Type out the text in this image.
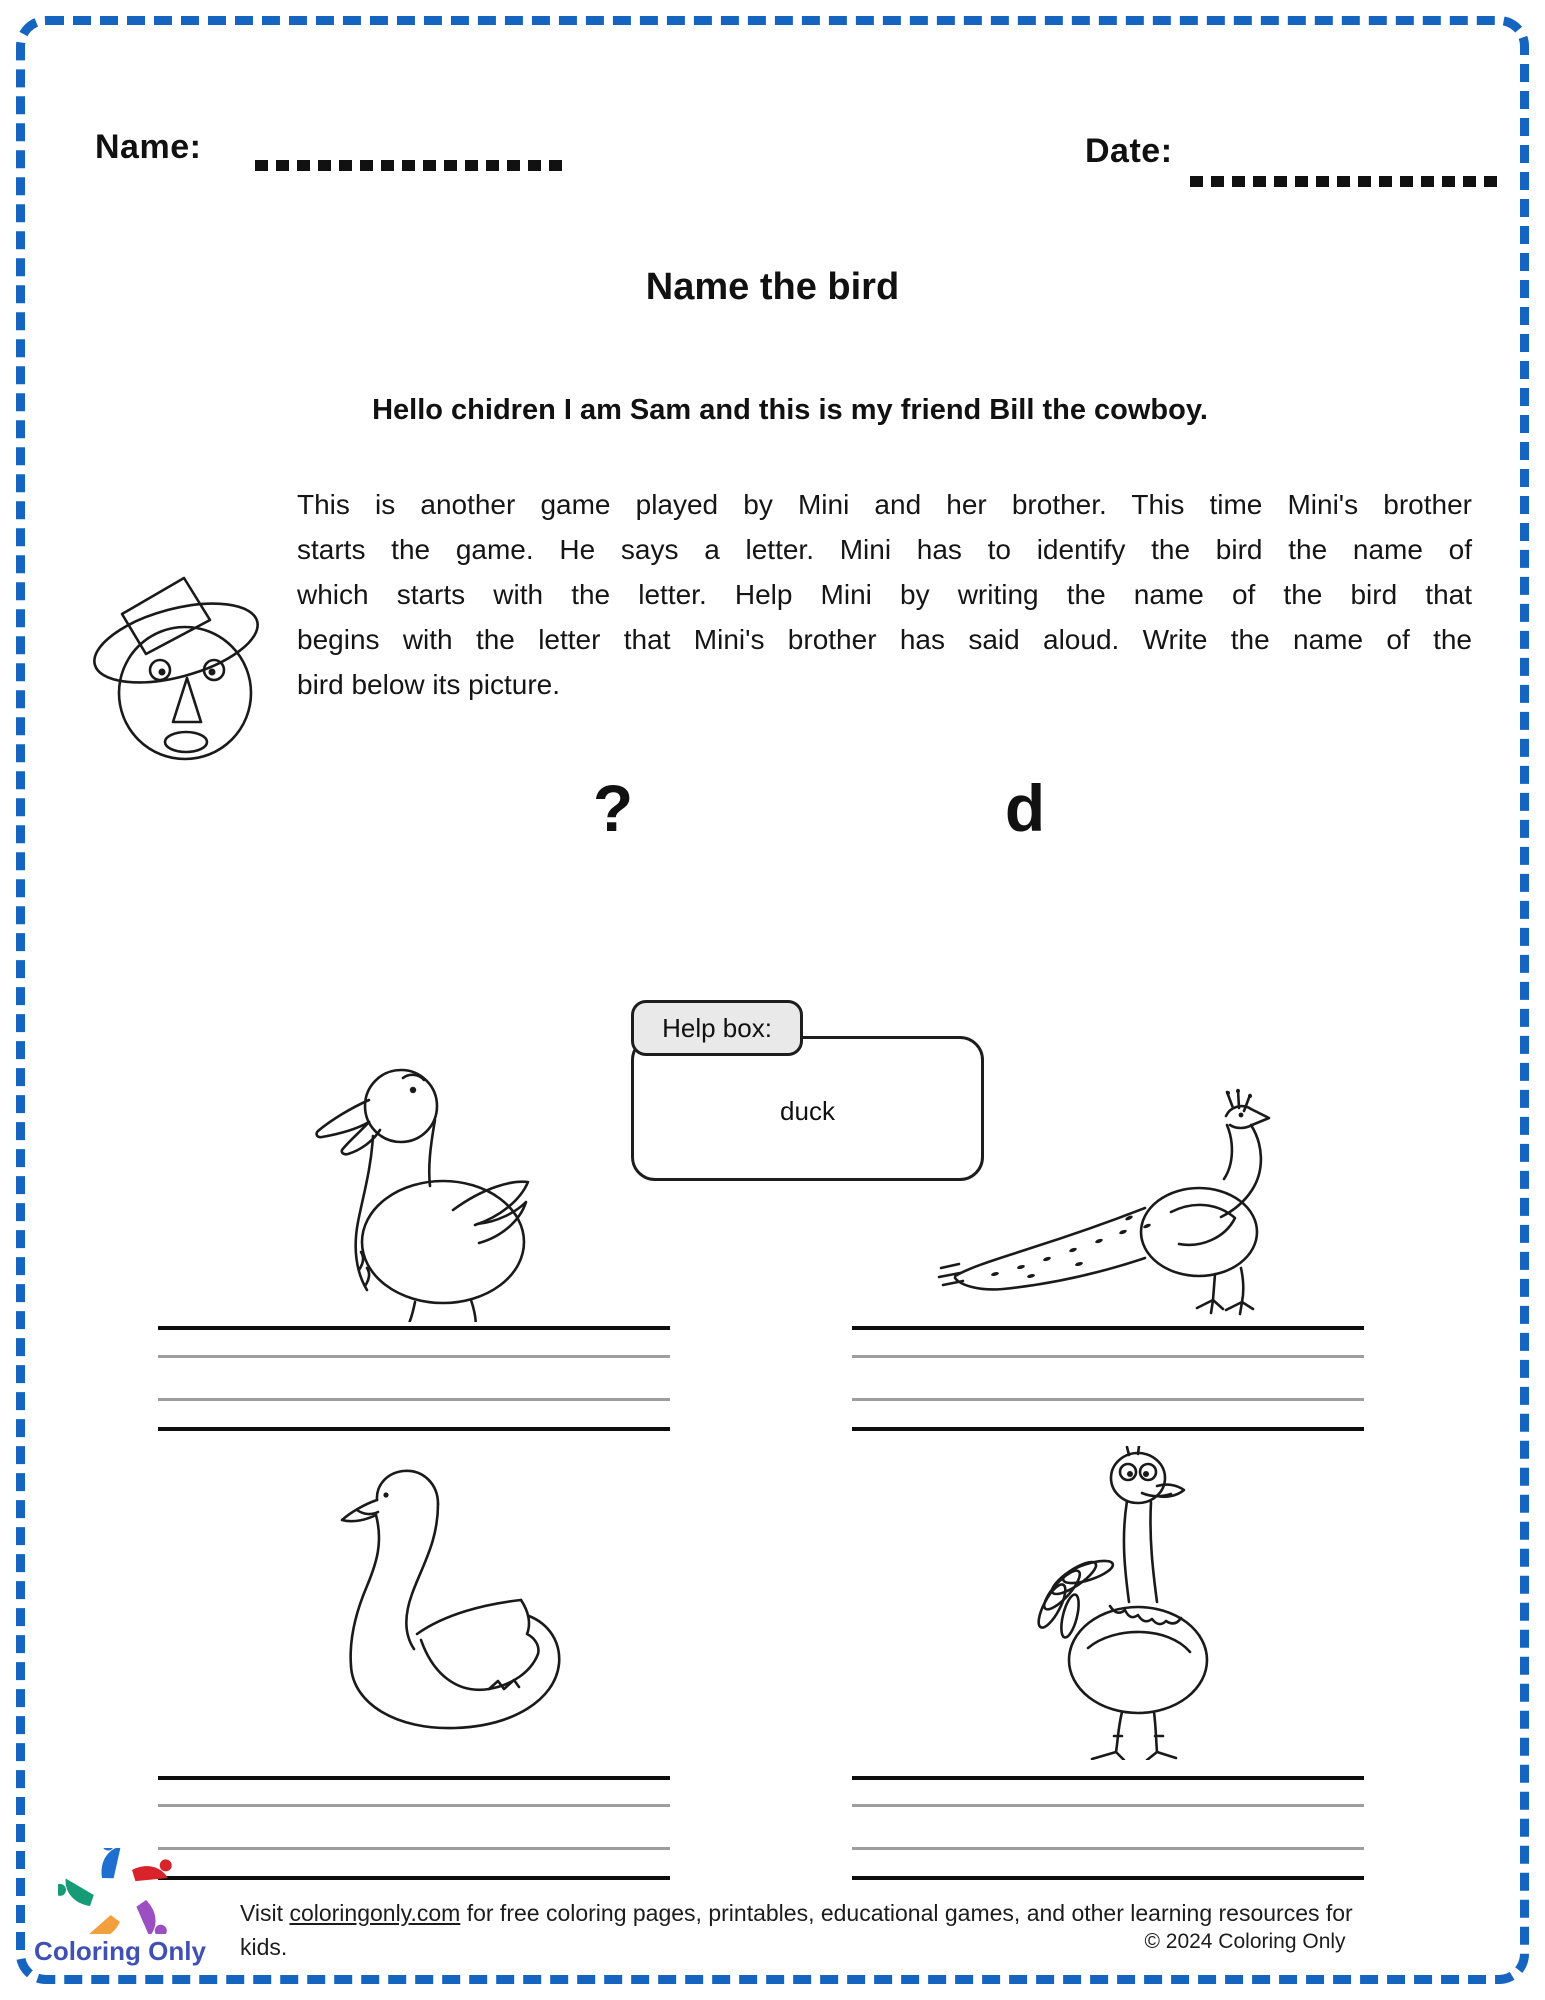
Name:	Date:
Name the bird
Hello chidren I am Sam and this is my friend Bill the cowboy.
This is another game played by Mini and her brother. This time Mini's brother
starts the game. He says a letter. Mini has to identify the bird the name of
which starts with the letter. Help Mini by writing the name of the bird that
begins with the letter that Mini's brother has said aloud. Write the name of the
bird below its picture.
?	d
Help box:
duck
Coloring Only
Visit coloringonly.com for free coloring pages, printables, educational games, and other learning resources for
kids.	© 2024 Coloring Only
